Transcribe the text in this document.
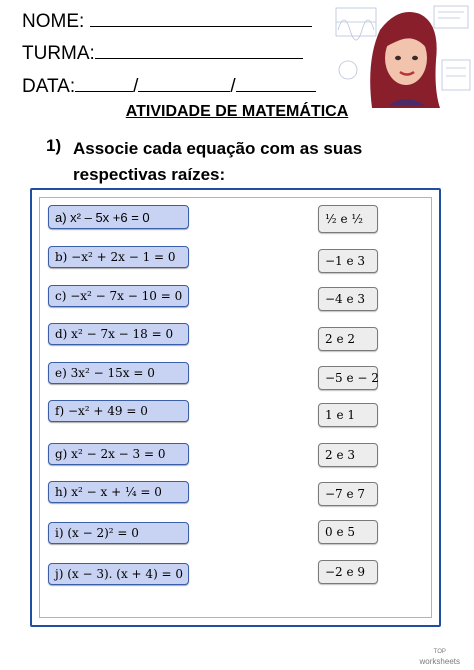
NOME:
TURMA:
DATA:	/	/
ATIVIDADE DE MATEMÁTICA
1) Associe cada equação com as suas respectivas raízes:
a) x² – 5x +6 = 0
b) −x² + 2x − 1 = 0
c) −x² − 7x − 10 = 0
d) x² − 7x − 18 = 0
e) 3x² − 15x = 0
f) −x² + 49 = 0
g) x² − 2x − 3 = 0
h) x² − x + ¼ = 0
i) (x − 2)² = 0
j) (x − 3). (x + 4) = 0
½ e ½
−1 e 3
−4 e 3
2 e 2
−5 e − 2
1 e 1
2 e 3
−7 e 7
0 e 5
−2 e 9
TOP
worksheets
